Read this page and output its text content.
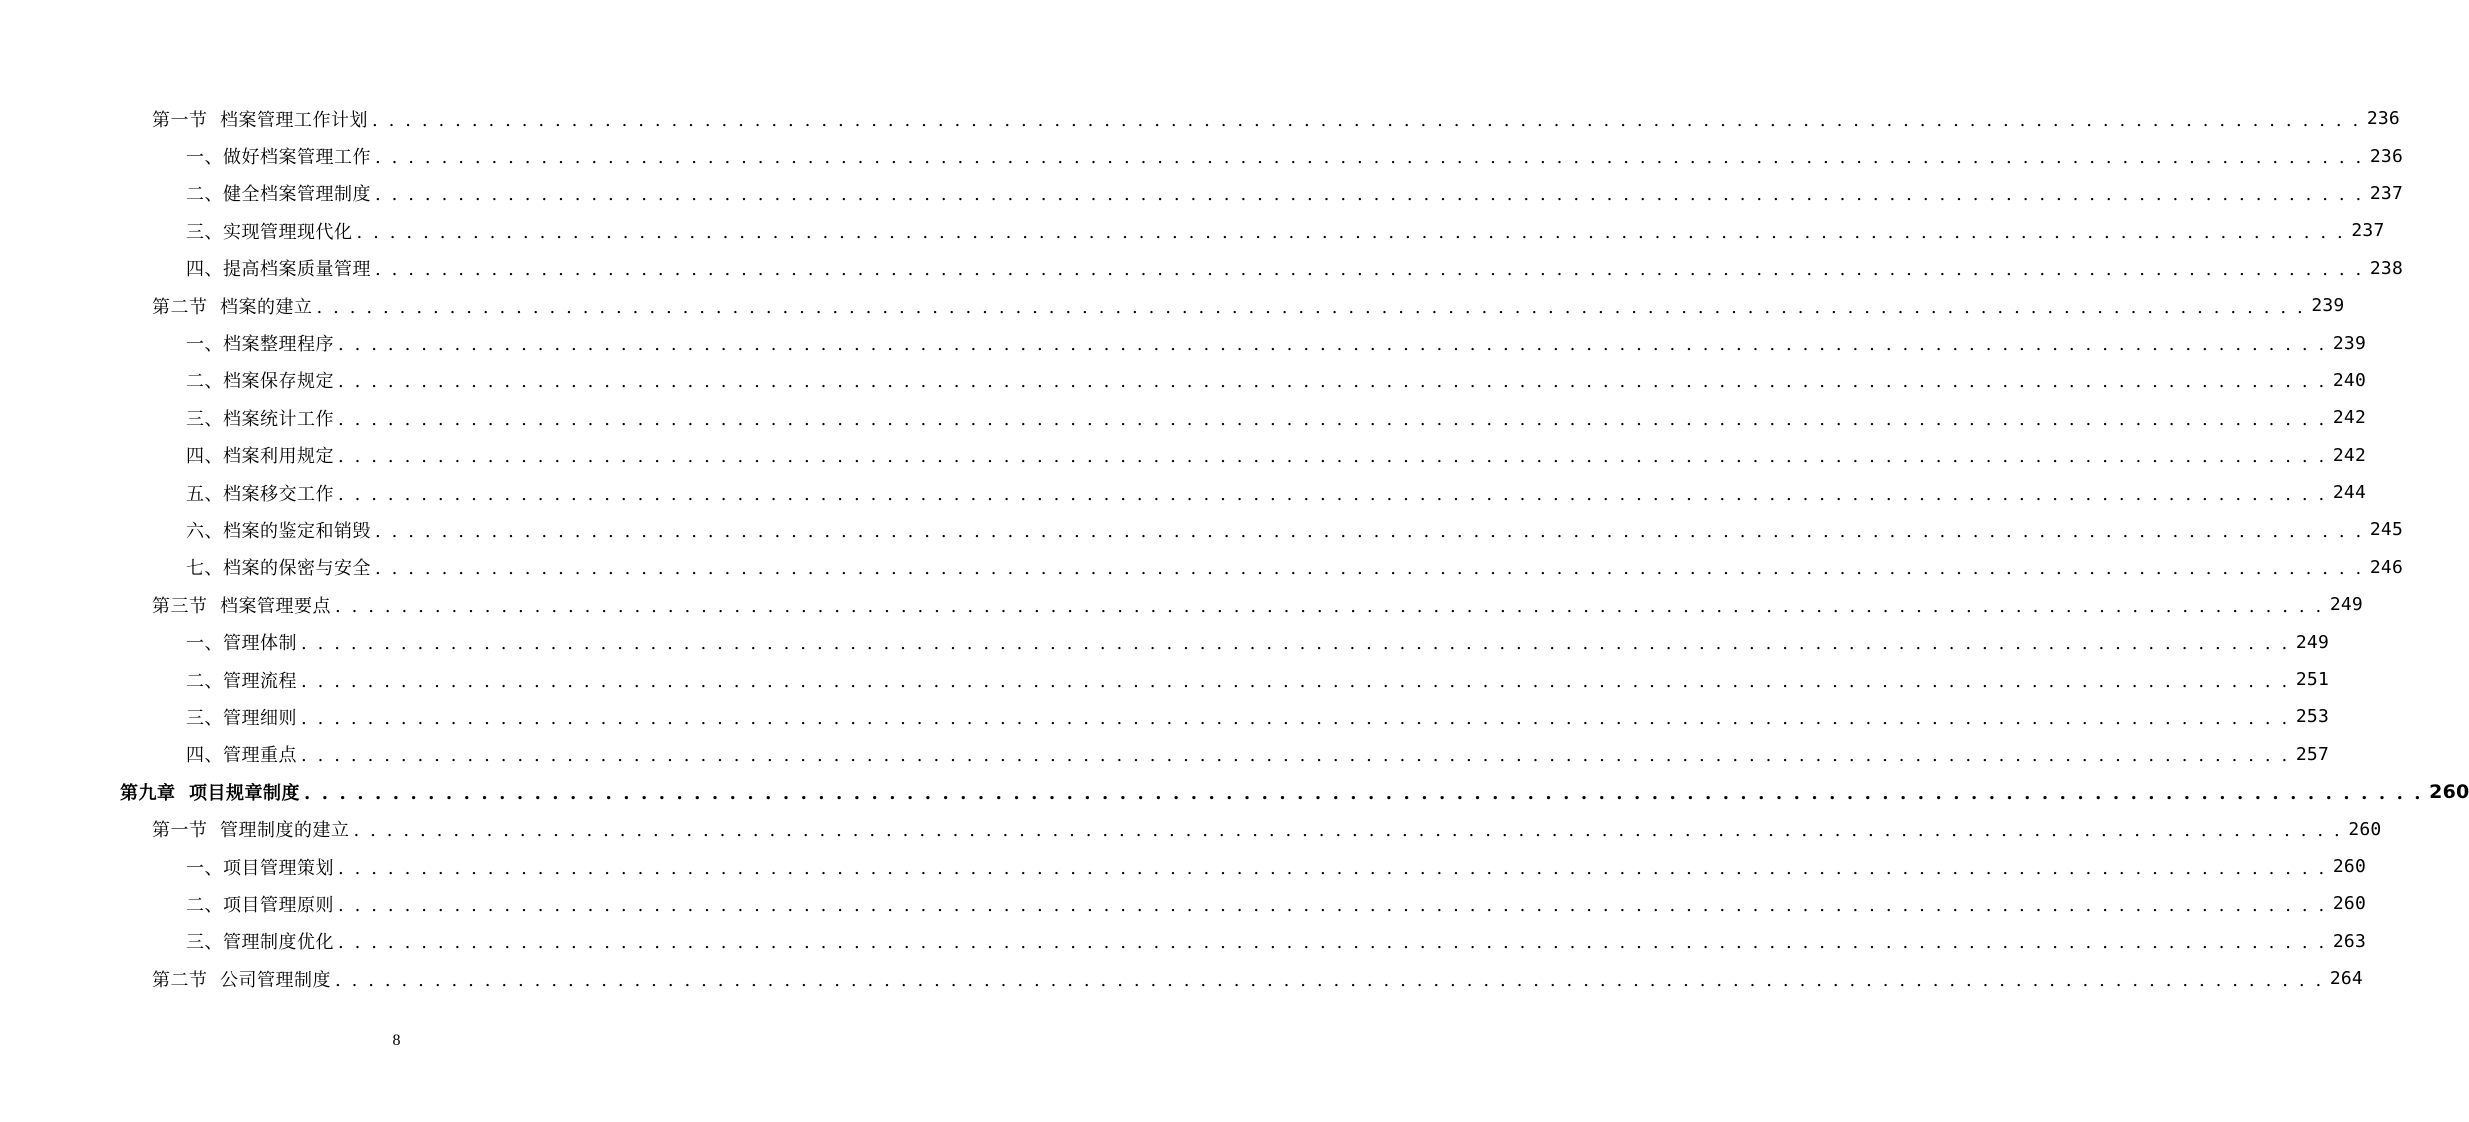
第一节  档案管理工作计划 . . . . . . . . . . . . . . . . . . . . . . . . . . . . . . . . . . . . . . . . . . . . . . . . . . . . . . . . . . . . . . . . . . . . . . . . . . . . . . . . . . . . . . . . . . . . . . . . . . . . . . . . . . . . . . . . . . . . . . . . 236
一、做好档案管理工作 . . . . . . . . . . . . . . . . . . . . . . . . . . . . . . . . . . . . . . . . . . . . . . . . . . . . . . . . . . . . . . . . . . . . . . . . . . . . . . . . . . . . . . . . . . . . . . . . . . . . . . . . . . . . . . . . . . . . . . . . 236
二、健全档案管理制度 . . . . . . . . . . . . . . . . . . . . . . . . . . . . . . . . . . . . . . . . . . . . . . . . . . . . . . . . . . . . . . . . . . . . . . . . . . . . . . . . . . . . . . . . . . . . . . . . . . . . . . . . . . . . . . . . . . . . . . . . 237
三、实现管理现代化 . . . . . . . . . . . . . . . . . . . . . . . . . . . . . . . . . . . . . . . . . . . . . . . . . . . . . . . . . . . . . . . . . . . . . . . . . . . . . . . . . . . . . . . . . . . . . . . . . . . . . . . . . . . . . . . . . . . . . . . . 237
四、提高档案质量管理 . . . . . . . . . . . . . . . . . . . . . . . . . . . . . . . . . . . . . . . . . . . . . . . . . . . . . . . . . . . . . . . . . . . . . . . . . . . . . . . . . . . . . . . . . . . . . . . . . . . . . . . . . . . . . . . . . . . . . . . . 238
第二节  档案的建立 . . . . . . . . . . . . . . . . . . . . . . . . . . . . . . . . . . . . . . . . . . . . . . . . . . . . . . . . . . . . . . . . . . . . . . . . . . . . . . . . . . . . . . . . . . . . . . . . . . . . . . . . . . . . . . . . . . . . . . . . 239
一、档案整理程序 . . . . . . . . . . . . . . . . . . . . . . . . . . . . . . . . . . . . . . . . . . . . . . . . . . . . . . . . . . . . . . . . . . . . . . . . . . . . . . . . . . . . . . . . . . . . . . . . . . . . . . . . . . . . . . . . . . . . . . . . 239
二、档案保存规定 . . . . . . . . . . . . . . . . . . . . . . . . . . . . . . . . . . . . . . . . . . . . . . . . . . . . . . . . . . . . . . . . . . . . . . . . . . . . . . . . . . . . . . . . . . . . . . . . . . . . . . . . . . . . . . . . . . . . . . . . 240
三、档案统计工作 . . . . . . . . . . . . . . . . . . . . . . . . . . . . . . . . . . . . . . . . . . . . . . . . . . . . . . . . . . . . . . . . . . . . . . . . . . . . . . . . . . . . . . . . . . . . . . . . . . . . . . . . . . . . . . . . . . . . . . . . 242
四、档案利用规定 . . . . . . . . . . . . . . . . . . . . . . . . . . . . . . . . . . . . . . . . . . . . . . . . . . . . . . . . . . . . . . . . . . . . . . . . . . . . . . . . . . . . . . . . . . . . . . . . . . . . . . . . . . . . . . . . . . . . . . . . 242
五、档案移交工作 . . . . . . . . . . . . . . . . . . . . . . . . . . . . . . . . . . . . . . . . . . . . . . . . . . . . . . . . . . . . . . . . . . . . . . . . . . . . . . . . . . . . . . . . . . . . . . . . . . . . . . . . . . . . . . . . . . . . . . . . 244
六、档案的鉴定和销毁 . . . . . . . . . . . . . . . . . . . . . . . . . . . . . . . . . . . . . . . . . . . . . . . . . . . . . . . . . . . . . . . . . . . . . . . . . . . . . . . . . . . . . . . . . . . . . . . . . . . . . . . . . . . . . . . . . . . . . . . . 245
七、档案的保密与安全 . . . . . . . . . . . . . . . . . . . . . . . . . . . . . . . . . . . . . . . . . . . . . . . . . . . . . . . . . . . . . . . . . . . . . . . . . . . . . . . . . . . . . . . . . . . . . . . . . . . . . . . . . . . . . . . . . . . . . . . . 246
第三节  档案管理要点 . . . . . . . . . . . . . . . . . . . . . . . . . . . . . . . . . . . . . . . . . . . . . . . . . . . . . . . . . . . . . . . . . . . . . . . . . . . . . . . . . . . . . . . . . . . . . . . . . . . . . . . . . . . . . . . . . . . . . . . . 249
一、管理体制 . . . . . . . . . . . . . . . . . . . . . . . . . . . . . . . . . . . . . . . . . . . . . . . . . . . . . . . . . . . . . . . . . . . . . . . . . . . . . . . . . . . . . . . . . . . . . . . . . . . . . . . . . . . . . . . . . . . . . . . . 249
二、管理流程 . . . . . . . . . . . . . . . . . . . . . . . . . . . . . . . . . . . . . . . . . . . . . . . . . . . . . . . . . . . . . . . . . . . . . . . . . . . . . . . . . . . . . . . . . . . . . . . . . . . . . . . . . . . . . . . . . . . . . . . . 251
三、管理细则 . . . . . . . . . . . . . . . . . . . . . . . . . . . . . . . . . . . . . . . . . . . . . . . . . . . . . . . . . . . . . . . . . . . . . . . . . . . . . . . . . . . . . . . . . . . . . . . . . . . . . . . . . . . . . . . . . . . . . . . . 253
四、管理重点 . . . . . . . . . . . . . . . . . . . . . . . . . . . . . . . . . . . . . . . . . . . . . . . . . . . . . . . . . . . . . . . . . . . . . . . . . . . . . . . . . . . . . . . . . . . . . . . . . . . . . . . . . . . . . . . . . . . . . . . . 257
第九章  项目规章制度 . . . . . . . . . . . . . . . . . . . . . . . . . . . . . . . . . . . . . . . . . . . . . . . . . . . . . . . . . . . . . . . . . . . . . . . . . . . . . . . . . . . . . . . . . . . . . . . . . . . . . . . . . . . . . . . . . . . . . . . . 260
第一节  管理制度的建立 . . . . . . . . . . . . . . . . . . . . . . . . . . . . . . . . . . . . . . . . . . . . . . . . . . . . . . . . . . . . . . . . . . . . . . . . . . . . . . . . . . . . . . . . . . . . . . . . . . . . . . . . . . . . . . . . . . . . . . . . 260
一、项目管理策划 . . . . . . . . . . . . . . . . . . . . . . . . . . . . . . . . . . . . . . . . . . . . . . . . . . . . . . . . . . . . . . . . . . . . . . . . . . . . . . . . . . . . . . . . . . . . . . . . . . . . . . . . . . . . . . . . . . . . . . . . 260
二、项目管理原则 . . . . . . . . . . . . . . . . . . . . . . . . . . . . . . . . . . . . . . . . . . . . . . . . . . . . . . . . . . . . . . . . . . . . . . . . . . . . . . . . . . . . . . . . . . . . . . . . . . . . . . . . . . . . . . . . . . . . . . . . 260
三、管理制度优化 . . . . . . . . . . . . . . . . . . . . . . . . . . . . . . . . . . . . . . . . . . . . . . . . . . . . . . . . . . . . . . . . . . . . . . . . . . . . . . . . . . . . . . . . . . . . . . . . . . . . . . . . . . . . . . . . . . . . . . . . 263
第二节  公司管理制度 . . . . . . . . . . . . . . . . . . . . . . . . . . . . . . . . . . . . . . . . . . . . . . . . . . . . . . . . . . . . . . . . . . . . . . . . . . . . . . . . . . . . . . . . . . . . . . . . . . . . . . . . . . . . . . . . . . . . . . . . 264
8
